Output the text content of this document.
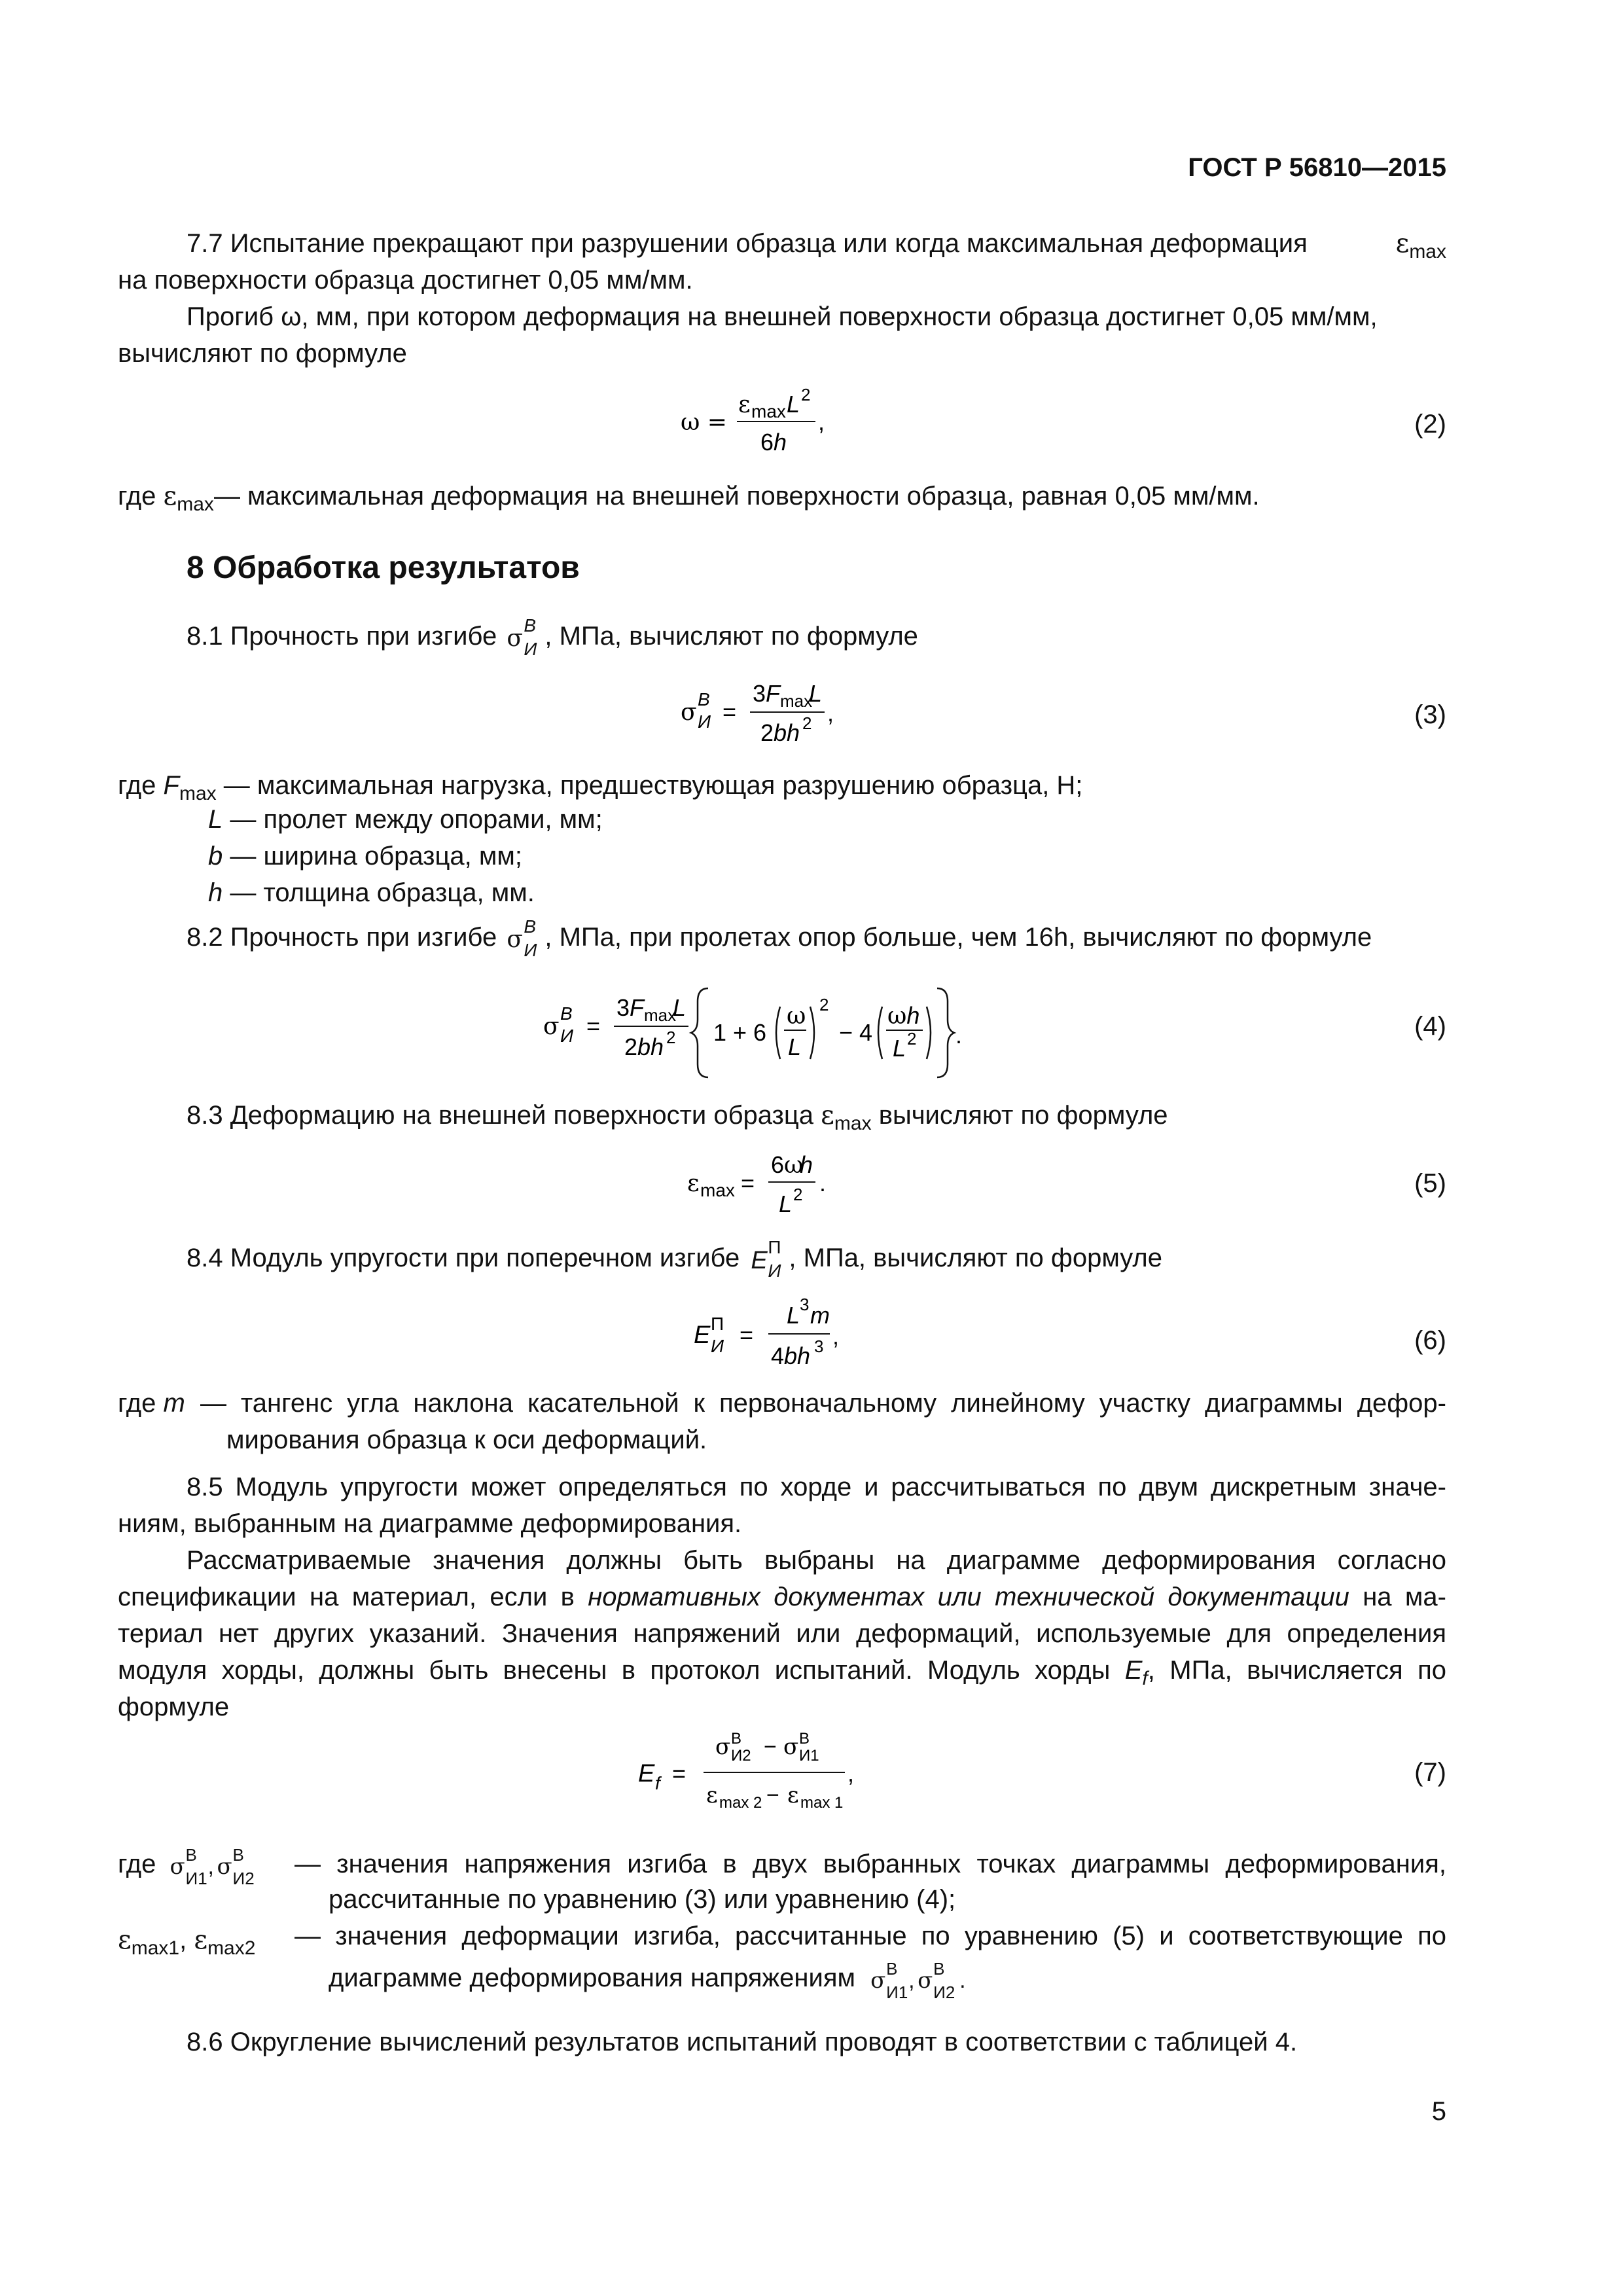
ГОСТ Р 56810—2015
7.7 Испытание прекращают при разрушении образца или когда максимальная деформация	$\varepsilon_{max}$
на поверхности образца достигнет 0,05 мм/мм.
Прогиб ω, мм, при котором деформация на внешней поверхности образца достигнет 0,05 мм/мм,
вычисляют по формуле
ω =
ε max L 2
6h
,	(2)
где $\varepsilon_{max}—$ максимальная деформация на внешней поверхности образца, равная 0,05 мм/мм.
8 Обработка результатов
8.1 Прочность при изгибе σ B
И , МПа, вычисляют по формуле
σ B
И =
3F max
L
2bh 2 ,	(3)
где $F_{max}$ — максимальная нагрузка, предшествующая разрушению образца, Н;
L — пролет между опорами, мм;
b — ширина образца, мм;
h — толщина образца, мм.
8.2 Прочность при изгибе σ B
И , МПа, при пролетах опор больше, чем 16h, вычисляют по формуле
σ B
И =
3F max
L
2bh 2 1 + 6
ω
L
2
− 4
ωh
L 2 .	(4)
8.3 Деформацию на внешней поверхности образца $\varepsilon_{max}$ вычисляют по формуле
ε max =
6 ω
h
L 2 .	(5)
8.4 Модуль упругости при поперечном изгибе E П
И , МПа, вычисляют по формуле
E П
И =
L 3 m
4bh 3 ,	(6)
где m — тангенс угла наклона касательной к первоначальному линейному участку диаграммы дефор-
мирования образца к оси деформаций.
8.5 Модуль упругости может определяться по хорде и рассчитываться по двум дискретным значе-
ниям, выбранным на диаграмме деформирования.
Рассматриваемые значения должны быть выбраны на диаграмме деформирования согласно
спецификации на материал, если в нормативных документах или технической документации на ма-
териал нет других указаний. Значения напряжений или деформаций, используемые для определения
модуля хорды, должны быть внесены в протокол испытаний. Модуль хорды $E_f$, МПа, вычисляется по
формуле
E f =
σ В
И2 − σ В
И1
ε max 2 − ε max 1
,	(7)
где σ В
И1 , σ В
И2 — значения напряжения изгиба в двух выбранных точках диаграммы деформирования,
рассчитанные по уравнению (3) или уравнению (4);
$\varepsilon_{max1}$, $\varepsilon_{max2}$ — значения деформации изгиба, рассчитанные по уравнению (5) и соответствующие по
диаграмме деформирования напряжениям σ В
И1 , σ В
И2 .
8.6 Округление вычислений результатов испытаний проводят в соответствии с таблицей 4.
5
